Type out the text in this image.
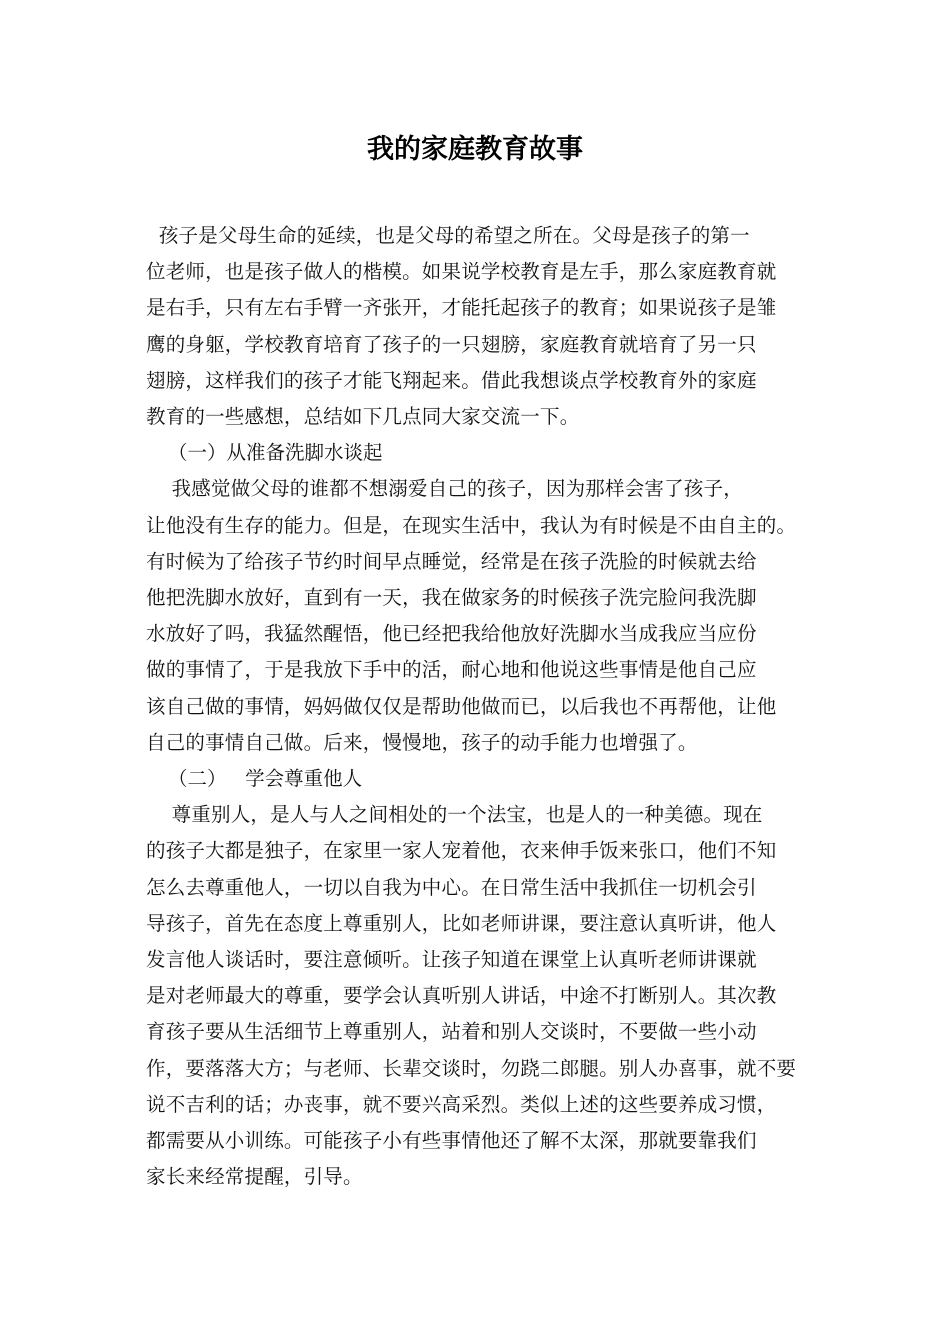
我的家庭教育故事

孩子是父母生命的延续，也是父母的希望之所在。父母是孩子的第一
位老师，也是孩子做人的楷模。如果说学校教育是左手，那么家庭教育就
是右手，只有左右手臂一齐张开，才能托起孩子的教育；如果说孩子是雏
鹰的身躯，学校教育培育了孩子的一只翅膀，家庭教育就培育了另一只
翅膀，这样我们的孩子才能飞翔起来。借此我想谈点学校教育外的家庭
教育的一些感想，总结如下几点同大家交流一下。

（一）从准备洗脚水谈起

我感觉做父母的谁都不想溺爱自己的孩子，因为那样会害了孩子，
让他没有生存的能力。但是，在现实生活中，我认为有时候是不由自主的。
有时候为了给孩子节约时间早点睡觉，经常是在孩子洗脸的时候就去给
他把洗脚水放好，直到有一天，我在做家务的时候孩子洗完脸问我洗脚
水放好了吗，我猛然醒悟，他已经把我给他放好洗脚水当成我应当应份
做的事情了，于是我放下手中的活，耐心地和他说这些事情是他自己应
该自己做的事情，妈妈做仅仅是帮助他做而已，以后我也不再帮他，让他
自己的事情自己做。后来，慢慢地，孩子的动手能力也增强了。

（二）   学会尊重他人

尊重别人，是人与人之间相处的一个法宝，也是人的一种美德。现在
的孩子大都是独子，在家里一家人宠着他，衣来伸手饭来张口，他们不知
怎么去尊重他人，一切以自我为中心。在日常生活中我抓住一切机会引
导孩子，首先在态度上尊重别人，比如老师讲课，要注意认真听讲，他人
发言他人谈话时，要注意倾听。让孩子知道在课堂上认真听老师讲课就
是对老师最大的尊重，要学会认真听别人讲话，中途不打断别人。其次教
育孩子要从生活细节上尊重别人，站着和别人交谈时，不要做一些小动
作，要落落大方；与老师、长辈交谈时，勿跷二郎腿。别人办喜事，就不要
说不吉利的话；办丧事，就不要兴高采烈。类似上述的这些要养成习惯，
都需要从小训练。可能孩子小有些事情他还了解不太深，那就要靠我们
家长来经常提醒，引导。
